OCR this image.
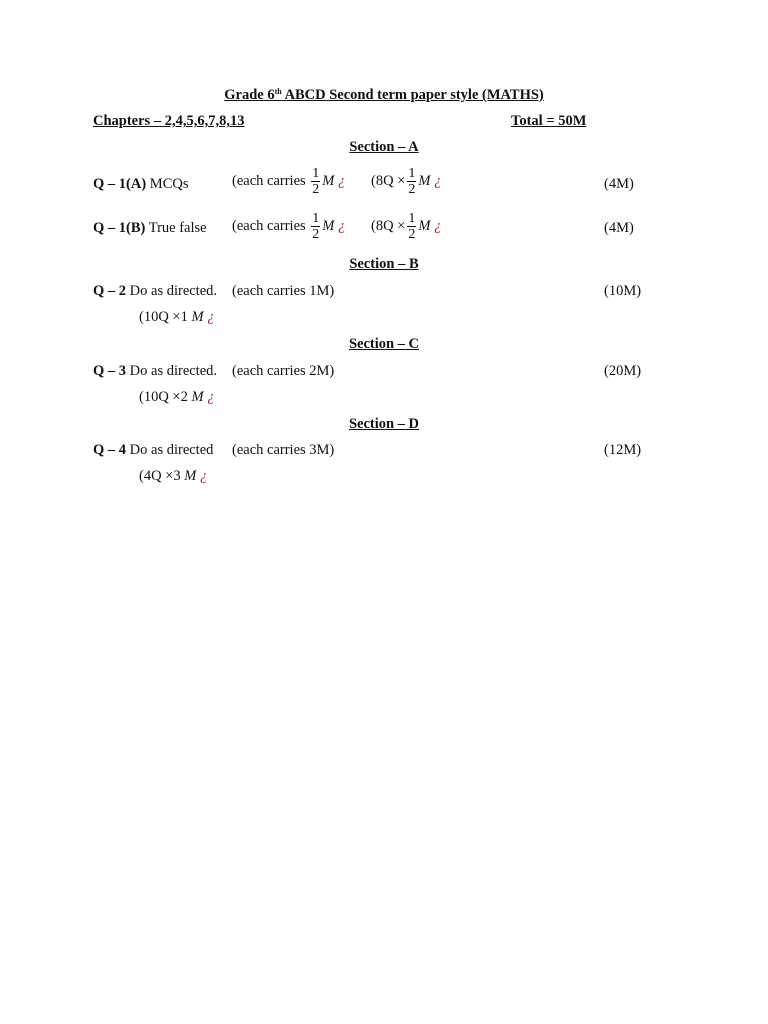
Grade 6th ABCD Second term paper style (MATHS)
Chapters – 2,4,5,6,7,8,13	Total = 50M
Section – A
Q – 1(A) MCQs	(each carries $\frac{1}{2}$ M ¿ ($8Q \times \frac{1}{2}$ M ¿	(4M)
Q – 1(B) True false (each carries $\frac{1}{2}$ M ¿ ($8Q \times \frac{1}{2}$ M ¿	(4M)
Section – B
Q – 2 Do as directed. (each carries 1M)	(10M)
(10Q ×1 M ¿
Section – C
Q – 3 Do as directed. (each carries 2M)	(20M)
(10Q ×2 M ¿
Section – D
Q – 4 Do as directed (each carries 3M)	(12M)
(4Q ×3 M ¿
